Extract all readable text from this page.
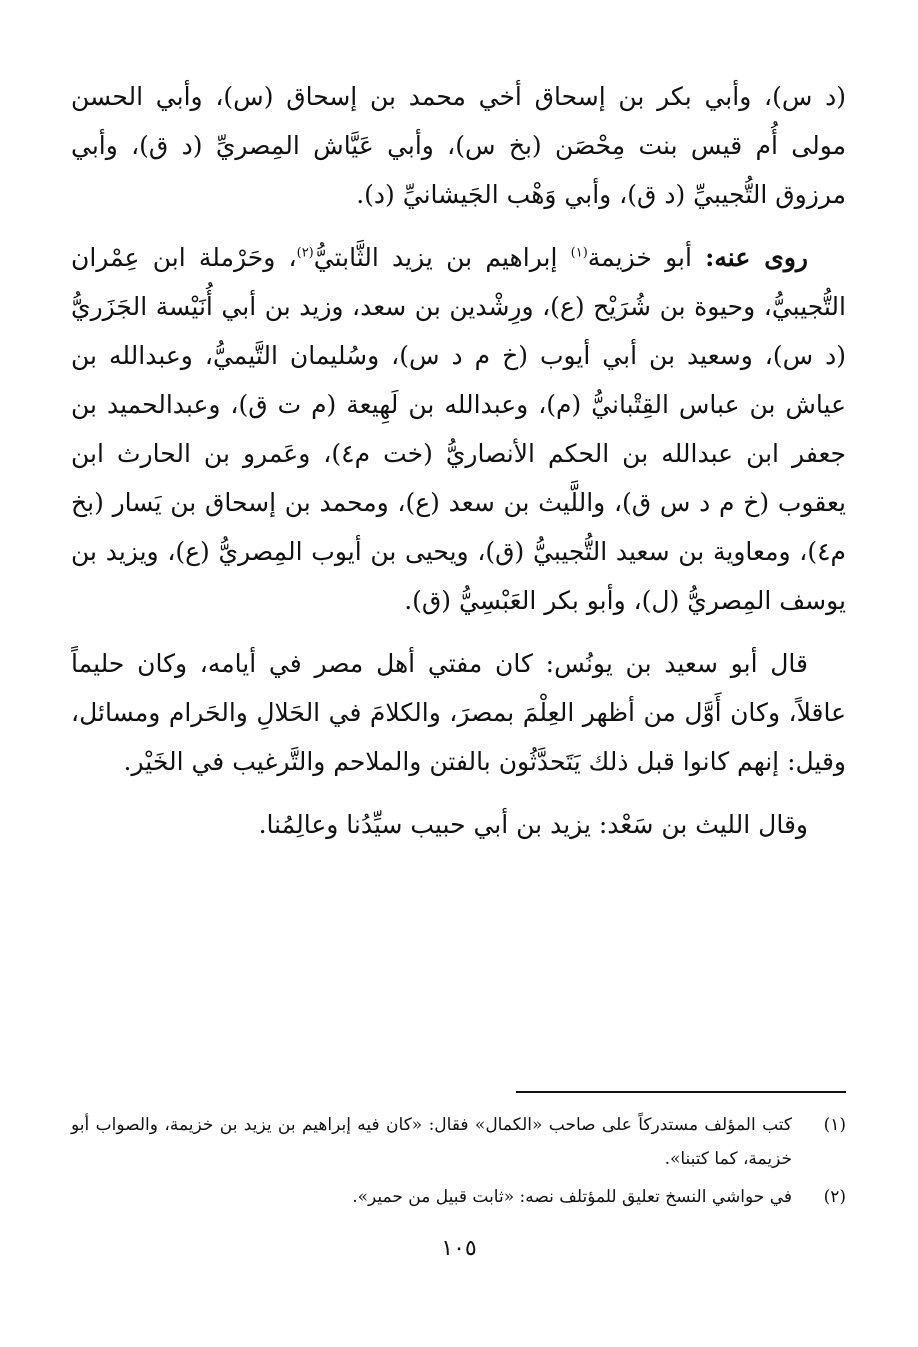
(د س)، وأبي بكر بن إسحاق أخي محمد بن إسحاق (س)، وأبي الحسن مولى أُم قيس بنت مِحْصَن (بخ س)، وأبي عَيَّاش المِصريِّ (د ق)، وأبي مرزوق التُّجيبيِّ (د ق)، وأبي وَهْب الجَيشانيِّ (د).

روى عنه: أبو خزيمة$^{(١)}$ إبراهيم بن يزيد الثَّابتيُّ$^{(٢)}$، وحَرْملة ابن عِمْران التُّجيبيُّ، وحيوة بن شُرَيْح (ع)، ورِشْدين بن سعد، وزيد بن أبي أُنَيْسة الجَزَريُّ (د س)، وسعيد بن أبي أيوب (خ م د س)، وسُليمان التَّيميُّ، وعبدالله بن عياش بن عباس القِتْبانيُّ (م)، وعبدالله بن لَهِيعة (م ت ق)، وعبدالحميد بن جعفر ابن عبدالله بن الحكم الأنصاريُّ (خت م٤)، وعَمرو بن الحارث ابن يعقوب (خ م د س ق)، واللَّيث بن سعد (ع)، ومحمد بن إسحاق بن يَسار (بخ م٤)، ومعاوية بن سعيد التُّجيبيُّ (ق)، ويحيى بن أيوب المِصريُّ (ع)، ويزيد بن يوسف المِصريُّ (ل)، وأبو بكر العَبْسِيُّ (ق).

قال أبو سعيد بن يونُس: كان مفتي أهل مصر في أيامه، وكان حليماً عاقلاً، وكان أَوَّل من أظهر العِلْمَ بمصرَ، والكلامَ في الحَلالِ والحَرام ومسائل، وقيل: إنهم كانوا قبل ذلك يَتَحدَّثُون بالفتن والملاحم والتَّرغيب في الخَيْر.

وقال الليث بن سَعْد: يزيد بن أبي حبيب سيِّدُنا وعالِمُنا.

(١)
كتب المؤلف مستدركاً على صاحب «الكمال» فقال: «كان فيه إبراهيم بن يزيد بن خزيمة، والصواب أبو خزيمة، كما كتبنا».
(٢)
في حواشي النسخ تعليق للمؤتلف نصه: «ثابت قبيل من حمير».
١٠٥
